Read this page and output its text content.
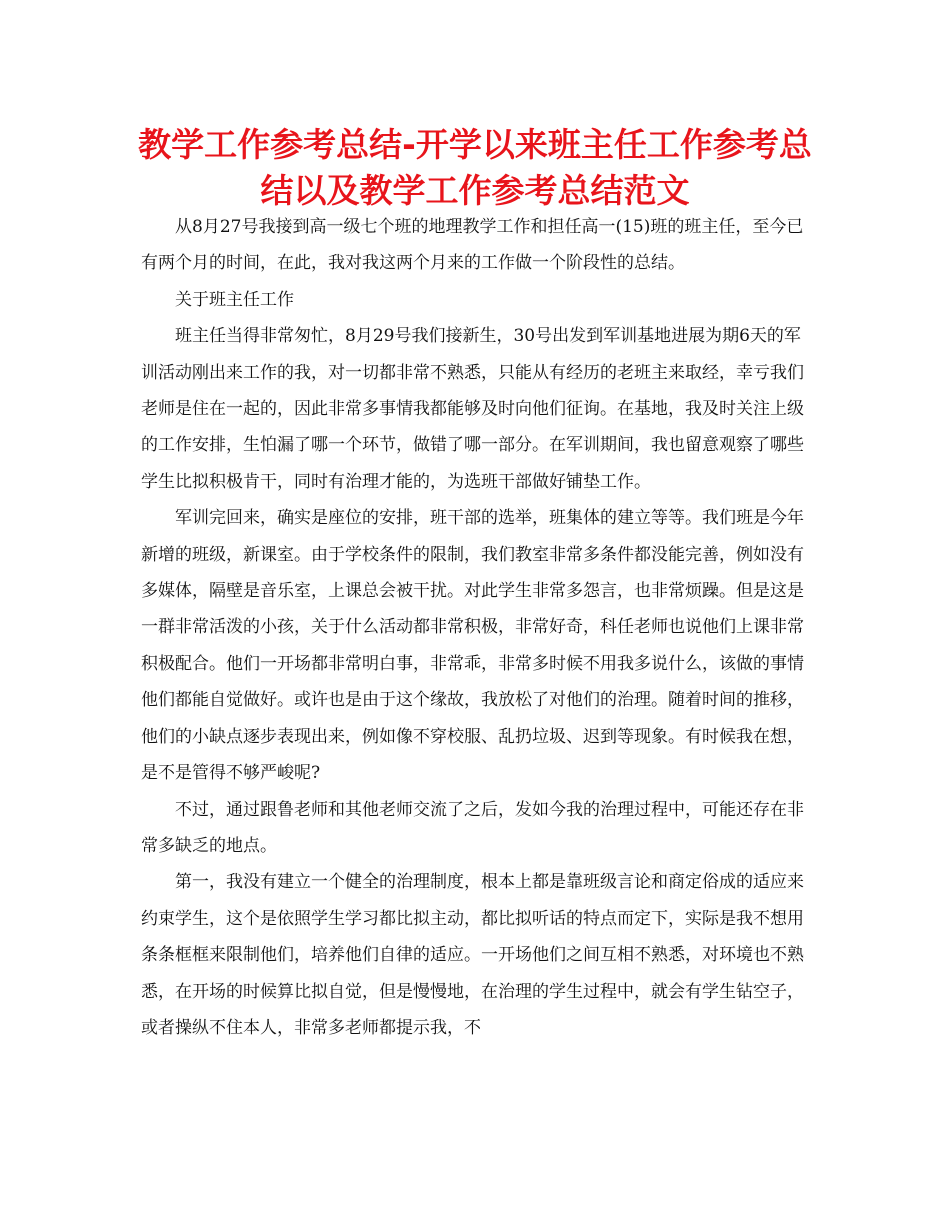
教学工作参考总结-开学以来班主任工作参考总结以及教学工作参考总结范文

从8月27号我接到高一级七个班的地理教学工作和担任高一(15)班的班主任，至今已有两个月的时间，在此，我对我这两个月来的工作做一个阶段性的总结。

关于班主任工作

班主任当得非常匆忙，8月29号我们接新生，30号出发到军训基地进展为期6天的军训活动刚出来工作的我，对一切都非常不熟悉，只能从有经历的老班主来取经，幸亏我们老师是住在一起的，因此非常多事情我都能够及时向他们征询。在基地，我及时关注上级的工作安排，生怕漏了哪一个环节，做错了哪一部分。在军训期间，我也留意观察了哪些学生比拟积极肯干，同时有治理才能的，为选班干部做好铺垫工作。

军训完回来，确实是座位的安排，班干部的选举，班集体的建立等等。我们班是今年新增的班级，新课室。由于学校条件的限制，我们教室非常多条件都没能完善，例如没有多媒体，隔壁是音乐室，上课总会被干扰。对此学生非常多怨言，也非常烦躁。但是这是一群非常活泼的小孩，关于什么活动都非常积极，非常好奇，科任老师也说他们上课非常积极配合。他们一开场都非常明白事，非常乖，非常多时候不用我多说什么，该做的事情他们都能自觉做好。或许也是由于这个缘故，我放松了对他们的治理。随着时间的推移，他们的小缺点逐步表现出来，例如像不穿校服、乱扔垃圾、迟到等现象。有时候我在想，是不是管得不够严峻呢?

不过，通过跟鲁老师和其他老师交流了之后，发如今我的治理过程中，可能还存在非常多缺乏的地点。

第一，我没有建立一个健全的治理制度，根本上都是靠班级言论和商定俗成的适应来约束学生，这个是依照学生学习都比拟主动，都比拟听话的特点而定下，实际是我不想用条条框框来限制他们，培养他们自律的适应。一开场他们之间互相不熟悉，对环境也不熟悉，在开场的时候算比拟自觉，但是慢慢地，在治理的学生过程中，就会有学生钻空子，或者操纵不住本人，非常多老师都提示我，不
